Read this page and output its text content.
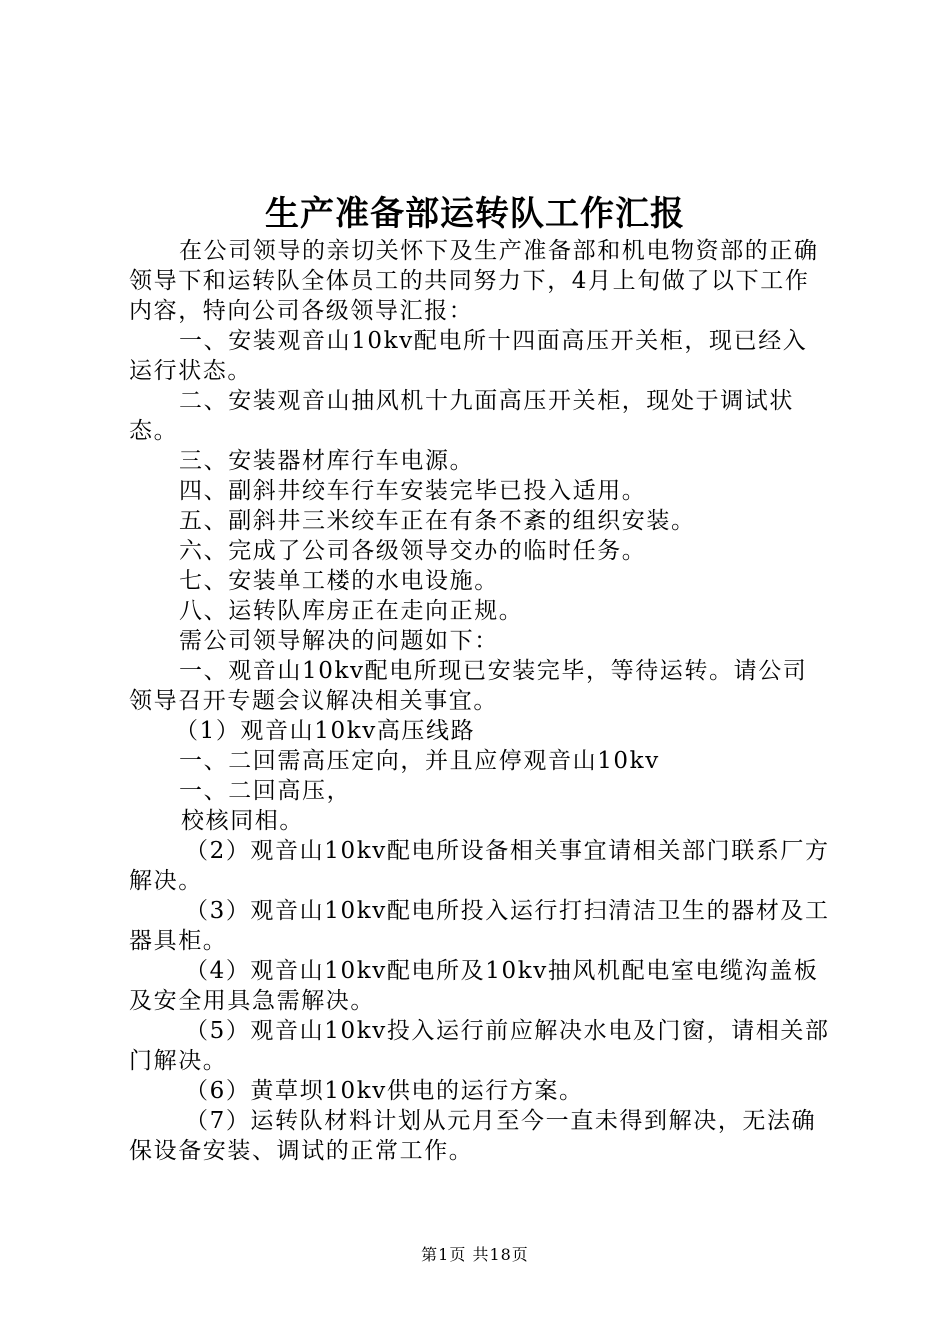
生产准备部运转队工作汇报

在公司领导的亲切关怀下及生产准备部和机电物资部的正确领导下和运转队全体员工的共同努力下，4月上旬做了以下工作内容，特向公司各级领导汇报：

一、安装观音山10kv配电所十四面高压开关柜，现已经入运行状态。

二、安装观音山抽风机十九面高压开关柜，现处于调试状态。

三、安装器材库行车电源。

四、副斜井绞车行车安装完毕已投入适用。

五、副斜井三米绞车正在有条不紊的组织安装。

六、完成了公司各级领导交办的临时任务。

七、安装单工楼的水电设施。

八、运转队库房正在走向正规。

需公司领导解决的问题如下：

一、观音山10kv配电所现已安装完毕，等待运转。请公司领导召开专题会议解决相关事宜。

（1）观音山10kv高压线路

一、二回需高压定向，并且应停观音山10kv

一、二回高压，

校核同相。

（2）观音山10kv配电所设备相关事宜请相关部门联系厂方解决。

（3）观音山10kv配电所投入运行打扫清洁卫生的器材及工器具柜。

（4）观音山10kv配电所及10kv抽风机配电室电缆沟盖板及安全用具急需解决。

（5）观音山10kv投入运行前应解决水电及门窗，请相关部门解决。

（6）黄草坝10kv供电的运行方案。

（7）运转队材料计划从元月至今一直未得到解决，无法确保设备安装、调试的正常工作。

第1页 共18页
